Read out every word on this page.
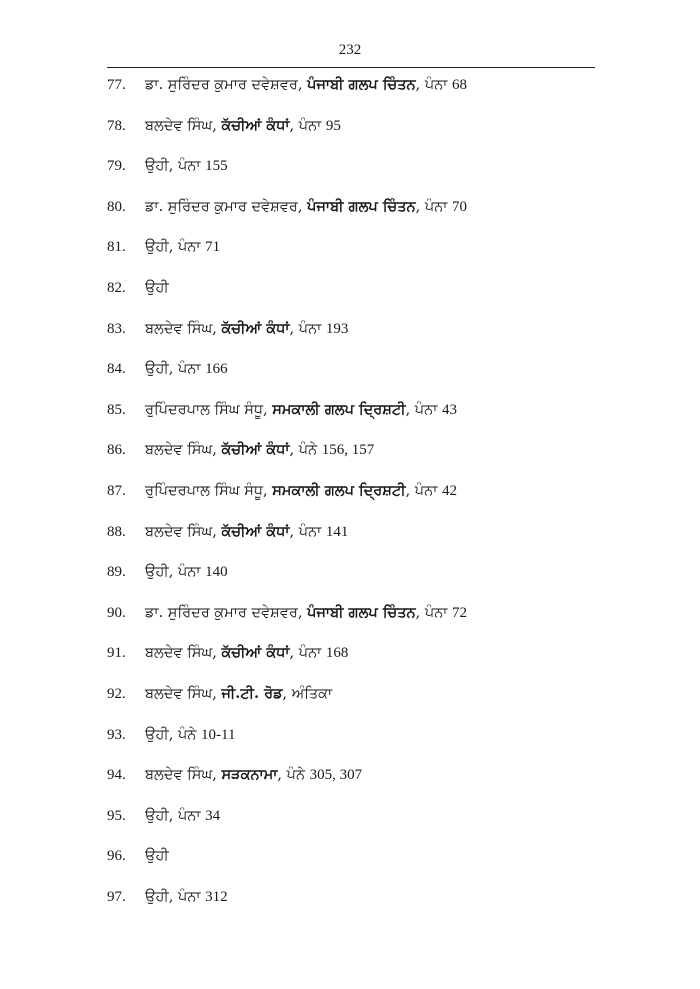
232
77. ਡਾ. ਸੁਰਿੰਦਰ ਕੁਮਾਰ ਦਵੇਸ਼ਵਰ, ਪੰਜਾਬੀ ਗਲਪ ਚਿੰਤਨ, ਪੰਨਾ 68
78. ਬਲਦੇਵ ਸਿੰਘ, ਕੱਚੀਆਂ ਕੰਧਾਂ, ਪੰਨਾ 95
79. ਉਹੀ, ਪੰਨਾ 155
80. ਡਾ. ਸੁਰਿੰਦਰ ਕੁਮਾਰ ਦਵੇਸ਼ਵਰ, ਪੰਜਾਬੀ ਗਲਪ ਚਿੰਤਨ, ਪੰਨਾ 70
81. ਉਹੀ, ਪੰਨਾ 71
82. ਉਹੀ
83. ਬਲਦੇਵ ਸਿੰਘ, ਕੱਚੀਆਂ ਕੰਧਾਂ, ਪੰਨਾ 193
84. ਉਹੀ, ਪੰਨਾ 166
85. ਰੁਪਿੰਦਰਪਾਲ ਸਿੰਘ ਸੰਧੂ, ਸਮਕਾਲੀ ਗਲਪ ਦ੍ਰਿਸ਼ਟੀ, ਪੰਨਾ 43
86. ਬਲਦੇਵ ਸਿੰਘ, ਕੱਚੀਆਂ ਕੰਧਾਂ, ਪੰਨੇ 156, 157
87. ਰੁਪਿੰਦਰਪਾਲ ਸਿੰਘ ਸੰਧੂ, ਸਮਕਾਲੀ ਗਲਪ ਦ੍ਰਿਸ਼ਟੀ, ਪੰਨਾ 42
88. ਬਲਦੇਵ ਸਿੰਘ, ਕੱਚੀਆਂ ਕੰਧਾਂ, ਪੰਨਾ 141
89. ਉਹੀ, ਪੰਨਾ 140
90. ਡਾ. ਸੁਰਿੰਦਰ ਕੁਮਾਰ ਦਵੇਸ਼ਵਰ, ਪੰਜਾਬੀ ਗਲਪ ਚਿੰਤਨ, ਪੰਨਾ 72
91. ਬਲਦੇਵ ਸਿੰਘ, ਕੱਚੀਆਂ ਕੰਧਾਂ, ਪੰਨਾ 168
92. ਬਲਦੇਵ ਸਿੰਘ, ਜੀ.ਟੀ. ਰੋਡ, ਅੰਤਿਕਾ
93. ਉਹੀ, ਪੰਨੇ 10-11
94. ਬਲਦੇਵ ਸਿੰਘ, ਸੜਕਨਾਮਾ, ਪੰਨੇ 305, 307
95. ਉਹੀ, ਪੰਨਾ 34
96. ਉਹੀ
97. ਉਹੀ, ਪੰਨਾ 312
